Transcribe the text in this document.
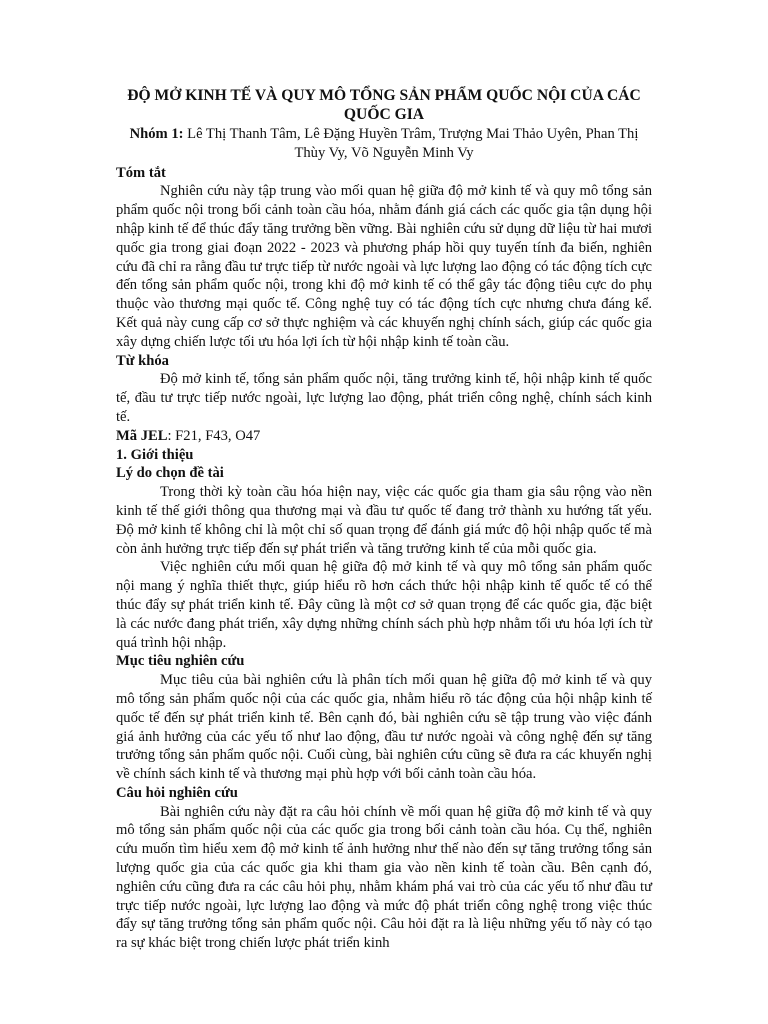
ĐỘ MỞ KINH TẾ VÀ QUY MÔ TỔNG SẢN PHẨM QUỐC NỘI CỦA CÁC QUỐC GIA
Nhóm 1: Lê Thị Thanh Tâm, Lê Đặng Huyền Trâm, Trượng Mai Thảo Uyên, Phan Thị Thùy Vy, Võ Nguyễn Minh Vy
Tóm tắt

Nghiên cứu này tập trung vào mối quan hệ giữa độ mở kinh tế và quy mô tổng sản phẩm quốc nội trong bối cảnh toàn cầu hóa, nhằm đánh giá cách các quốc gia tận dụng hội nhập kinh tế để thúc đẩy tăng trưởng bền vững. Bài nghiên cứu sử dụng dữ liệu từ hai mươi quốc gia trong giai đoạn 2022 - 2023 và phương pháp hồi quy tuyến tính đa biến, nghiên cứu đã chỉ ra rằng đầu tư trực tiếp từ nước ngoài và lực lượng lao động có tác động tích cực đến tổng sản phẩm quốc nội, trong khi độ mở kinh tế có thể gây tác động tiêu cực do phụ thuộc vào thương mại quốc tế. Công nghệ tuy có tác động tích cực nhưng chưa đáng kể. Kết quả này cung cấp cơ sở thực nghiệm và các khuyến nghị chính sách, giúp các quốc gia xây dựng chiến lược tối ưu hóa lợi ích từ hội nhập kinh tế toàn cầu.

Từ khóa

Độ mở kinh tế, tổng sản phẩm quốc nội, tăng trưởng kinh tế, hội nhập kinh tế quốc tế, đầu tư trực tiếp nước ngoài, lực lượng lao động, phát triển công nghệ, chính sách kinh tế.

Mã JEL: F21, F43, O47
1. Giới thiệu
Lý do chọn đề tài

Trong thời kỳ toàn cầu hóa hiện nay, việc các quốc gia tham gia sâu rộng vào nền kinh tế thế giới thông qua thương mại và đầu tư quốc tế đang trở thành xu hướng tất yếu. Độ mở kinh tế không chỉ là một chỉ số quan trọng để đánh giá mức độ hội nhập quốc tế mà còn ảnh hưởng trực tiếp đến sự phát triển và tăng trưởng kinh tế của mỗi quốc gia.

Việc nghiên cứu mối quan hệ giữa độ mở kinh tế và quy mô tổng sản phẩm quốc nội mang ý nghĩa thiết thực, giúp hiểu rõ hơn cách thức hội nhập kinh tế quốc tế có thể thúc đẩy sự phát triển kinh tế. Đây cũng là một cơ sở quan trọng để các quốc gia, đặc biệt là các nước đang phát triển, xây dựng những chính sách phù hợp nhằm tối ưu hóa lợi ích từ quá trình hội nhập.

Mục tiêu nghiên cứu

Mục tiêu của bài nghiên cứu là phân tích mối quan hệ giữa độ mở kinh tế và quy mô tổng sản phẩm quốc nội của các quốc gia, nhằm hiểu rõ tác động của hội nhập kinh tế quốc tế đến sự phát triển kinh tế. Bên cạnh đó, bài nghiên cứu sẽ tập trung vào việc đánh giá ảnh hưởng của các yếu tố như lao động, đầu tư nước ngoài và công nghệ đến sự tăng trưởng tổng sản phẩm quốc nội. Cuối cùng, bài nghiên cứu cũng sẽ đưa ra các khuyến nghị về chính sách kinh tế và thương mại phù hợp với bối cảnh toàn cầu hóa.

Câu hỏi nghiên cứu

Bài nghiên cứu này đặt ra câu hỏi chính về mối quan hệ giữa độ mở kinh tế và quy mô tổng sản phẩm quốc nội của các quốc gia trong bối cảnh toàn cầu hóa. Cụ thể, nghiên cứu muốn tìm hiểu xem độ mở kinh tế ảnh hưởng như thế nào đến sự tăng trưởng tổng sản lượng quốc gia của các quốc gia khi tham gia vào nền kinh tế toàn cầu. Bên cạnh đó, nghiên cứu cũng đưa ra các câu hỏi phụ, nhằm khám phá vai trò của các yếu tố như đầu tư trực tiếp nước ngoài, lực lượng lao động và mức độ phát triển công nghệ trong việc thúc đẩy sự tăng trưởng tổng sản phẩm quốc nội. Câu hỏi đặt ra là liệu những yếu tố này có tạo ra sự khác biệt trong chiến lược phát triển kinh
